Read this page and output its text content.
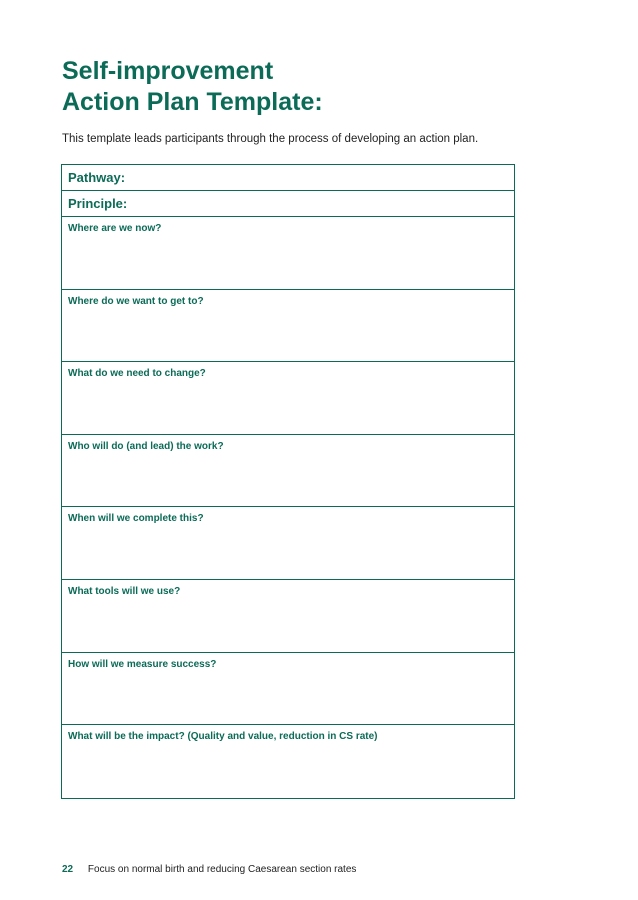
Self-improvement
Action Plan Template:

This template leads participants through the process of developing an action plan.

Pathway:
Principle:
Where are we now?
Where do we want to get to?
What do we need to change?
Who will do (and lead) the work?
When will we complete this?
What tools will we use?
How will we measure success?
What will be the impact? (Quality and value, reduction in CS rate)
22 Focus on normal birth and reducing Caesarean section rates
